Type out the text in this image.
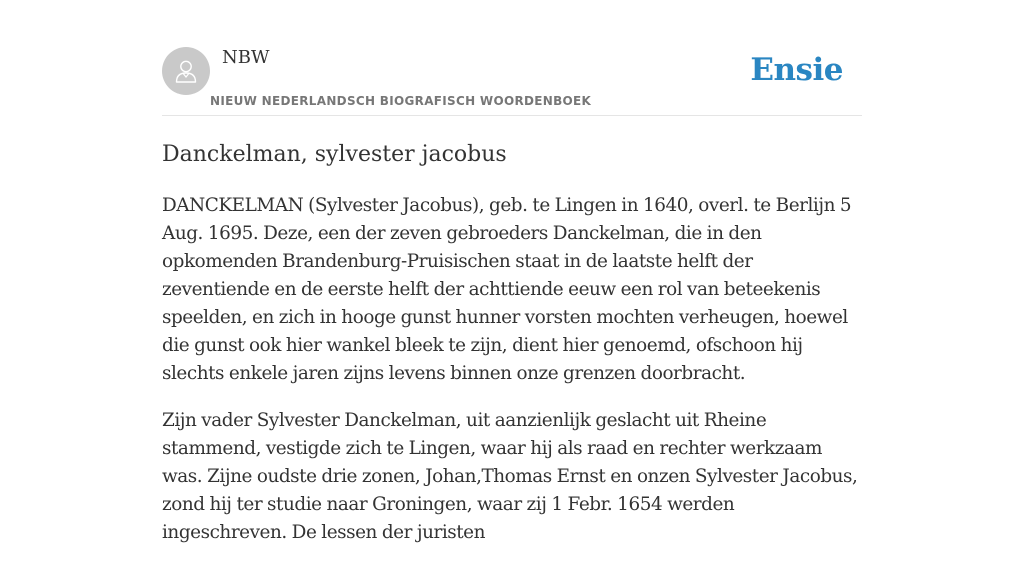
NBW
NIEUW NEDERLANDSCH BIOGRAFISCH WOORDENBOEK
Ensie
Danckelman, sylvester jacobus

DANCKELMAN (Sylvester Jacobus), geb. te Lingen in 1640, overl. te Berlijn 5 Aug. 1695. Deze, een der zeven gebroeders Danckelman, die in den opkomenden Brandenburg-Pruisischen staat in de laatste helft der zeventiende en de eerste helft der achttiende eeuw een rol van beteekenis speelden, en zich in hooge gunst hunner vorsten mochten verheugen, hoewel die gunst ook hier wankel bleek te zijn, dient hier genoemd, ofschoon hij slechts enkele jaren zijns levens binnen onze grenzen doorbracht.

Zijn vader Sylvester Danckelman, uit aanzienlijk geslacht uit Rheine stammend, vestigde zich te Lingen, waar hij als raad en rechter werkzaam was. Zijne oudste drie zonen, Johan,Thomas Ernst en onzen Sylvester Jacobus, zond hij ter studie naar Groningen, waar zij 1 Febr. 1654 werden ingeschreven. De lessen der juristen
